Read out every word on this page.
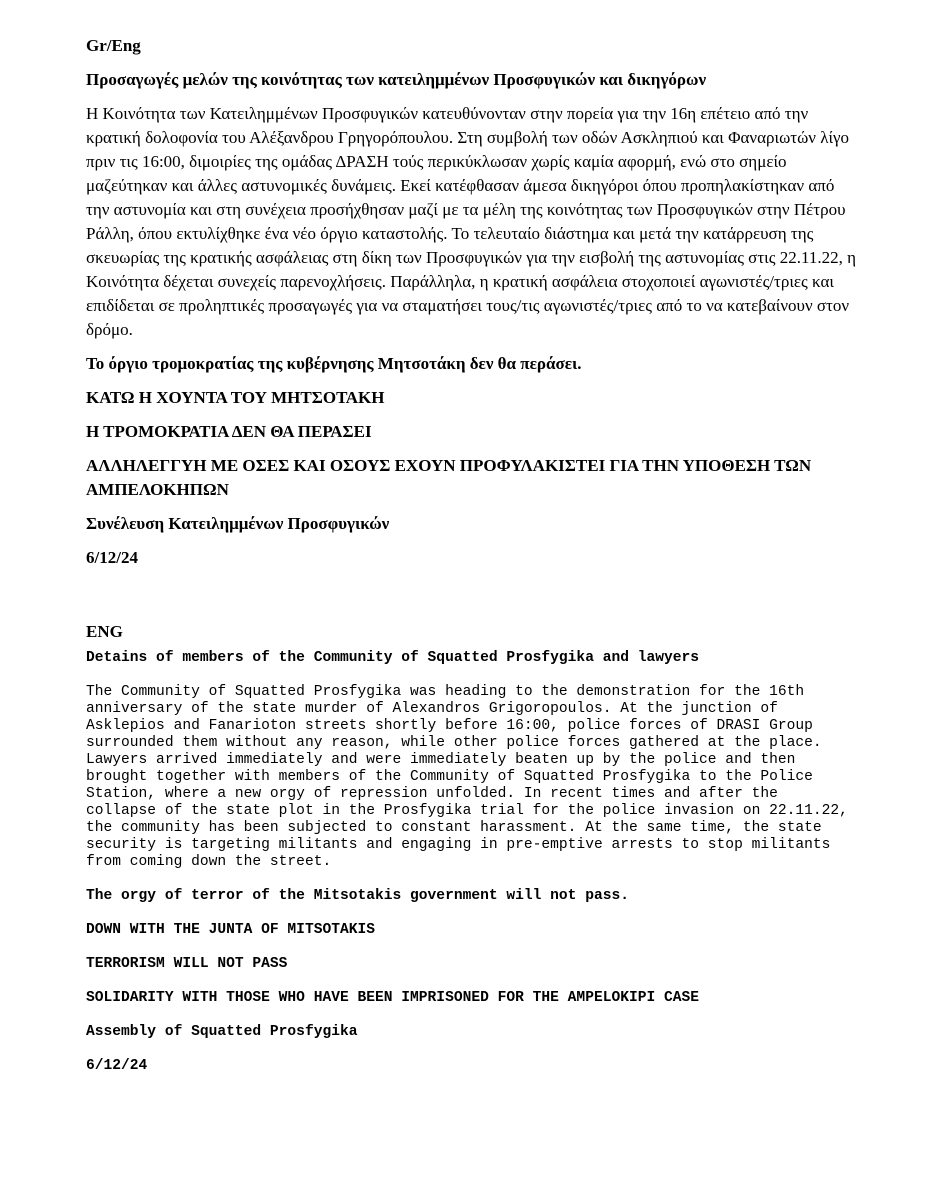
Gr/Eng

Προσαγωγές μελών της κοινότητας των κατειλημμένων Προσφυγικών και δικηγόρων

Η Κοινότητα των Κατειλημμένων Προσφυγικών κατευθύνονταν στην πορεία για την 16η επέτειο από την κρατική δολοφονία του Αλέξανδρου Γρηγορόπουλου. Στη συμβολή των οδών Ασκληπιού και Φαναριωτών λίγο πριν τις 16:00, διμοιρίες της ομάδας ΔΡΑΣΗ τούς περικύκλωσαν χωρίς καμία αφορμή, ενώ στο σημείο μαζεύτηκαν και άλλες αστυνομικές δυνάμεις. Εκεί κατέφθασαν άμεσα δικηγόροι όπου προπηλακίστηκαν από την αστυνομία και στη συνέχεια προσήχθησαν μαζί με τα μέλη της κοινότητας των Προσφυγικών στην Πέτρου Ράλλη, όπου εκτυλίχθηκε ένα νέο όργιο καταστολής. Το τελευταίο διάστημα και μετά την κατάρρευση της σκευωρίας της κρατικής ασφάλειας στη δίκη των Προσφυγικών για την εισβολή της αστυνομίας στις 22.11.22, η Κοινότητα δέχεται συνεχείς παρενοχλήσεις. Παράλληλα, η κρατική ασφάλεια στοχοποιεί αγωνιστές/τριες και επιδίδεται σε προληπτικές προσαγωγές για να σταματήσει τους/τις αγωνιστές/τριες από το να κατεβαίνουν στον δρόμο.

Το όργιο τρομοκρατίας της κυβέρνησης Μητσοτάκη δεν θα περάσει.

ΚΑΤΩ Η ΧΟΥΝΤΑ ΤΟΥ ΜΗΤΣΟΤΑΚΗ

Η ΤΡΟΜΟΚΡΑΤΙΑ ΔΕΝ ΘΑ ΠΕΡΑΣΕΙ

ΑΛΛΗΛΕΓΓΥΗ ΜΕ ΟΣΕΣ ΚΑΙ ΟΣΟΥΣ ΕΧΟΥΝ ΠΡΟΦΥΛΑΚΙΣΤΕΙ ΓΙΑ ΤΗΝ ΥΠΟΘΕΣΗ ΤΩΝ ΑΜΠΕΛΟΚΗΠΩΝ

Συνέλευση Κατειλημμένων Προσφυγικών

6/12/24

ENG

Detains of members of the Community of Squatted Prosfygika and lawyers

The Community of Squatted Prosfygika was heading to the demonstration for the 16th anniversary of the state murder of Alexandros Grigoropoulos. At the junction of Asklepios and Fanarioton streets shortly before 16:00, police forces of DRASI Group surrounded them without any reason, while other police forces gathered at the place. Lawyers arrived immediately and were immediately beaten up by the police and then brought together with members of the Community of Squatted Prosfygika to the Police Station, where a new orgy of repression unfolded. In recent times and after the collapse of the state plot in the Prosfygika trial for the police invasion on 22.11.22, the community has been subjected to constant harassment. At the same time, the state security is targeting militants and engaging in pre-emptive arrests to stop militants from coming down the street.

The orgy of terror of the Mitsotakis government will not pass.

DOWN WITH THE JUNTA OF MITSOTAKIS

TERRORISM WILL NOT PASS

SOLIDARITY WITH THOSE WHO HAVE BEEN IMPRISONED FOR THE AMPELOKIPI CASE

Assembly of Squatted Prosfygika

6/12/24
